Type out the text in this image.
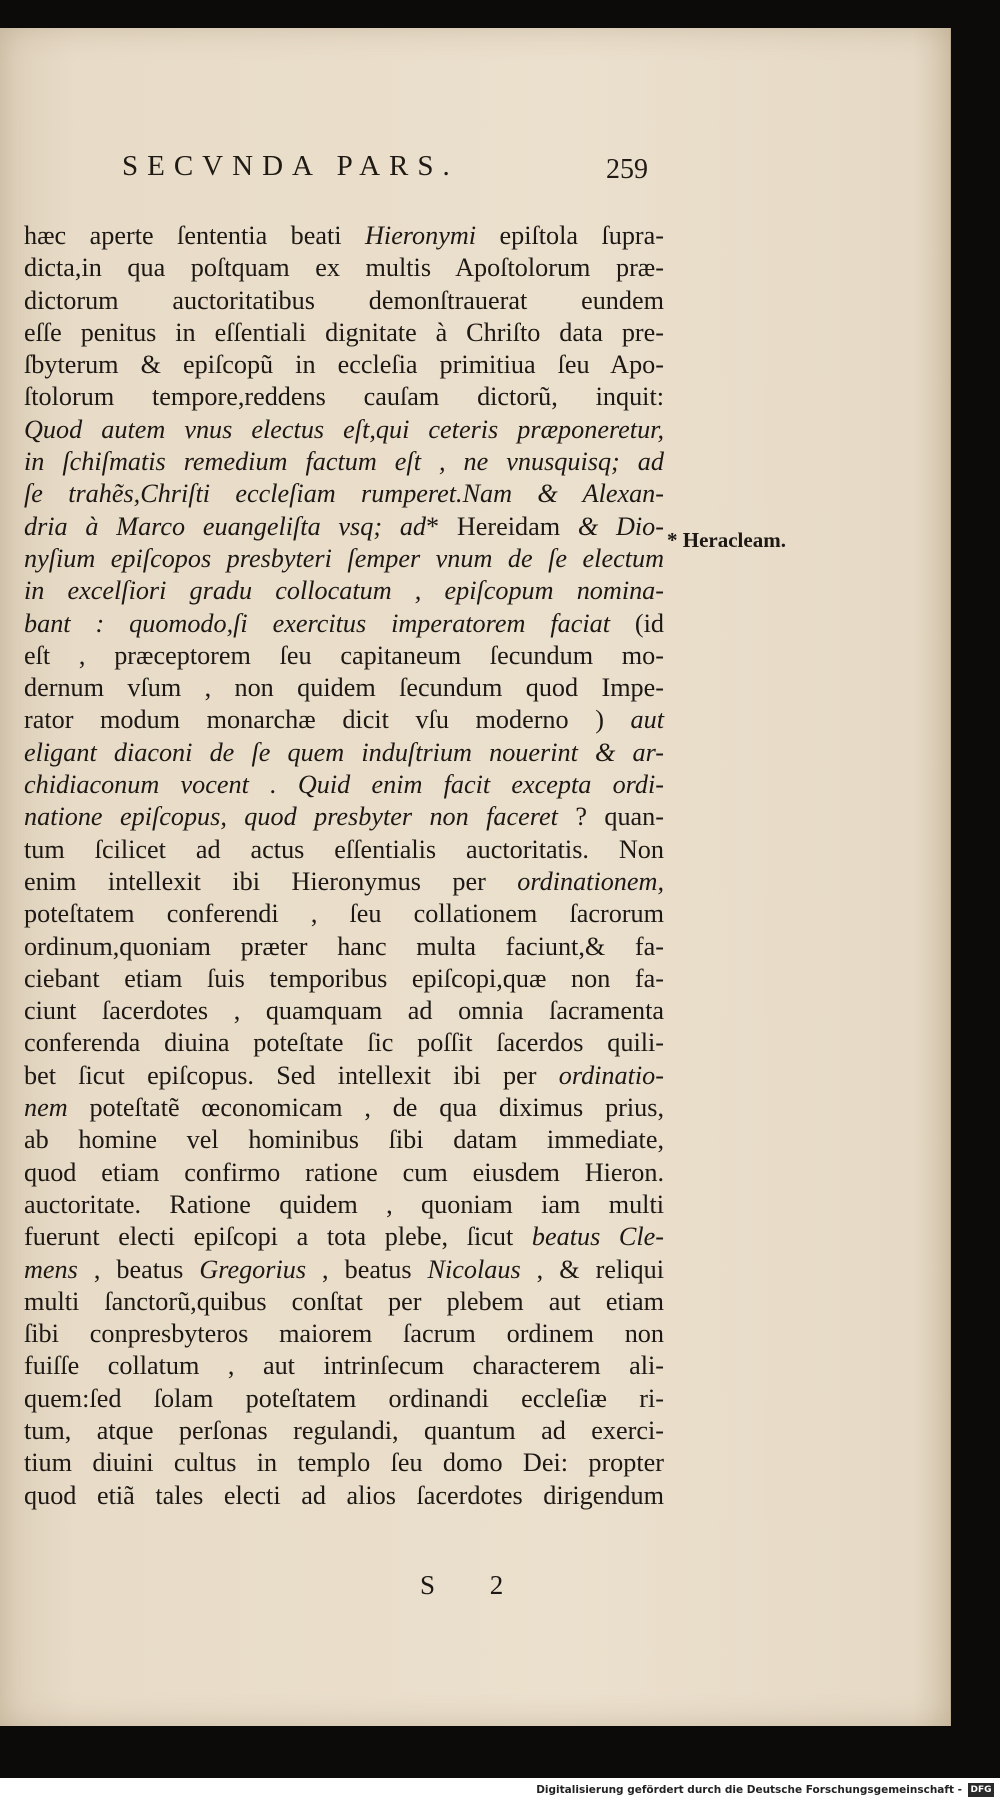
SECVNDA PARS.	259
hæc aperte ſententia beati Hieronymi epiſtola ſupra-
dicta,in qua poſtquam ex multis Apoſtolorum præ-
dictorum auctoritatibus demonſtrauerat eundem
eſſe penitus in eſſentiali dignitate à Chriſto data pre-
ſbyterum & epiſcopũ in eccleſia primitiua ſeu Apo-
ſtolorum tempore,reddens cauſam dictorũ, inquit:
Quod autem vnus electus eſt,qui ceteris præponeretur,
in ſchiſmatis remedium factum eſt , ne vnusquisq; ad
ſe trahẽs,Chriſti eccleſiam rumperet.Nam & Alexan-
dria à Marco euangeliſta vsq; ad* Hereidam & Dio-
nyſium epiſcopos presbyteri ſemper vnum de ſe electum
in excelſiori gradu collocatum , epiſcopum nomina-
bant : quomodo,ſi exercitus imperatorem faciat (id
eſt , præceptorem ſeu capitaneum ſecundum mo-
dernum vſum , non quidem ſecundum quod Impe-
rator modum monarchæ dicit vſu moderno ) aut
eligant diaconi de ſe quem induſtrium nouerint & ar-
chidiaconum vocent . Quid enim facit excepta ordi-
natione epiſcopus, quod presbyter non faceret ? quan-
tum ſcilicet ad actus eſſentialis auctoritatis. Non
enim intellexit ibi Hieronymus per ordinationem,
poteſtatem conferendi , ſeu collationem ſacrorum
ordinum,quoniam præter hanc multa faciunt,& fa-
ciebant etiam ſuis temporibus epiſcopi,quæ non fa-
ciunt ſacerdotes , quamquam ad omnia ſacramenta
conferenda diuina poteſtate ſic poſſit ſacerdos quili-
bet ſicut epiſcopus. Sed intellexit ibi per ordinatio-
nem poteſtatẽ œconomicam , de qua diximus prius,
ab homine vel hominibus ſibi datam immediate,
quod etiam confirmo ratione cum eiusdem Hieron.
auctoritate. Ratione quidem , quoniam iam multi
fuerunt electi epiſcopi a tota plebe, ſicut beatus Cle-
mens , beatus Gregorius , beatus Nicolaus , & reliqui
multi ſanctorũ,quibus conſtat per plebem aut etiam
ſibi conpresbyteros maiorem ſacrum ordinem non
fuiſſe collatum , aut intrinſecum characterem ali-
quem:ſed ſolam poteſtatem ordinandi eccleſiæ ri-
tum, atque perſonas regulandi, quantum ad exerci-
tium diuini cultus in templo ſeu domo Dei: propter
quod etiã tales electi ad alios ſacerdotes dirigendum
* Heracleam.
S 2
Digitalisierung gefördert durch die Deutsche Forschungsgemeinschaft - DFG
